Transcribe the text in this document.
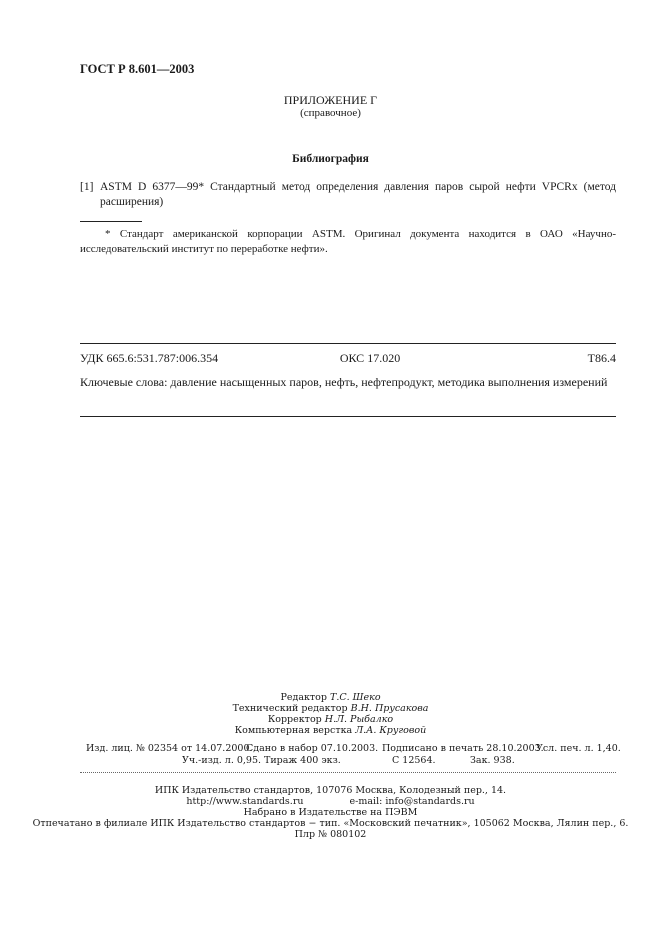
ГОСТ Р 8.601—2003
ПРИЛОЖЕНИЕ Г
(справочное)
Библиография
[1] ASTM D 6377—99* Стандартный метод определения давления паров сырой нефти VPCRx (метод расширения)
* Стандарт американской корпорации ASTM. Оригинал документа находится в ОАО «Научно-исследовательский институт по переработке нефти».
УДК 665.6:531.787:006.354	ОКС 17.020	Т86.4
Ключевые слова: давление насыщенных паров, нефть, нефтепродукт, методика выполнения измерений
Редактор Т.С. Шеко
Технический редактор В.Н. Прусакова
Корректор Н.Л. Рыбалко
Компьютерная верстка Л.А. Круговой
Изд. лиц. № 02354 от 14.07.2000.
Сдано в набор 07.10.2003. Подписано в печать 28.10.2003.
Усл. печ. л. 1,40.
Уч.-изд. л. 0,95. Тираж 400 экз.	С 12564.	Зак. 938.
ИПК Издательство стандартов, 107076 Москва, Колодезный пер., 14.
http://www.standards.ru	e-mail: info@standards.ru
Набрано в Издательстве на ПЭВМ
Отпечатано в филиале ИПК Издательство стандартов − тип. «Московский печатник», 105062 Москва, Лялин пер., 6.
Плр № 080102
